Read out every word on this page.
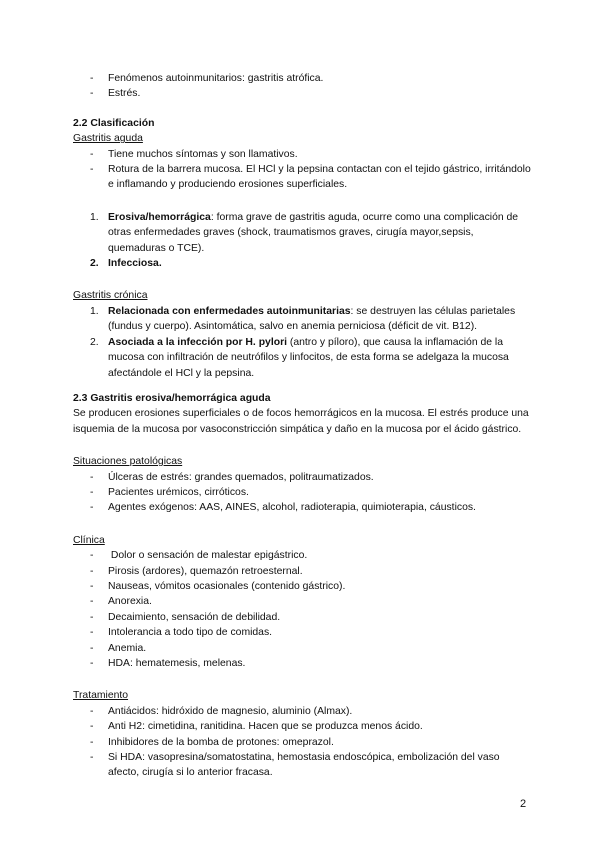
- Fenómenos autoinmunitarios: gastritis atrófica.
- Estrés.

2.2 Clasificación

Gastritis aguda

- Tiene muchos síntomas y son llamativos.
- Rotura de la barrera mucosa. El HCl y la pepsina contactan con el tejido gástrico, irritándolo e inflamando y produciendo erosiones superficiales.
1. Erosiva/hemorrágica: forma grave de gastritis aguda, ocurre como una complicación de otras enfermedades graves (shock, traumatismos graves, cirugía mayor,sepsis, quemaduras o TCE).
2. Infecciosa.

Gastritis crónica

1. Relacionada con enfermedades autoinmunitarias: se destruyen las células parietales (fundus y cuerpo). Asintomática, salvo en anemia perniciosa (déficit de vit. B12).
2. Asociada a la infección por H. pylori (antro y píloro), que causa la inflamación de la mucosa con infiltración de neutrófilos y linfocitos, de esta forma se adelgaza la mucosa afectándole el HCl y la pepsina.

2.3 Gastritis erosiva/hemorrágica aguda

Se producen erosiones superficiales o de focos hemorrágicos en la mucosa. El estrés produce una isquemia de la mucosa por vasoconstricción simpática y daño en la mucosa por el ácido gástrico.

Situaciones patológicas

- Úlceras de estrés: grandes quemados, politraumatizados.
- Pacientes urémicos, cirróticos.
- Agentes exógenos: AAS, AINES, alcohol, radioterapia, quimioterapia, cáusticos.

Clínica

-  Dolor o sensación de malestar epigástrico.
- Pirosis (ardores), quemazón retroesternal.
- Nauseas, vómitos ocasionales (contenido gástrico).
- Anorexia.
- Decaimiento, sensación de debilidad.
- Intolerancia a todo tipo de comidas.
- Anemia.
- HDA: hematemesis, melenas.

Tratamiento

- Antiácidos: hidróxido de magnesio, aluminio (Almax).
- Anti H2: cimetidina, ranitidina. Hacen que se produzca menos ácido.
- Inhibidores de la bomba de protones: omeprazol.
- Si HDA: vasopresina/somatostatina, hemostasia endoscópica, embolización del vaso afecto, cirugía si lo anterior fracasa.
2
